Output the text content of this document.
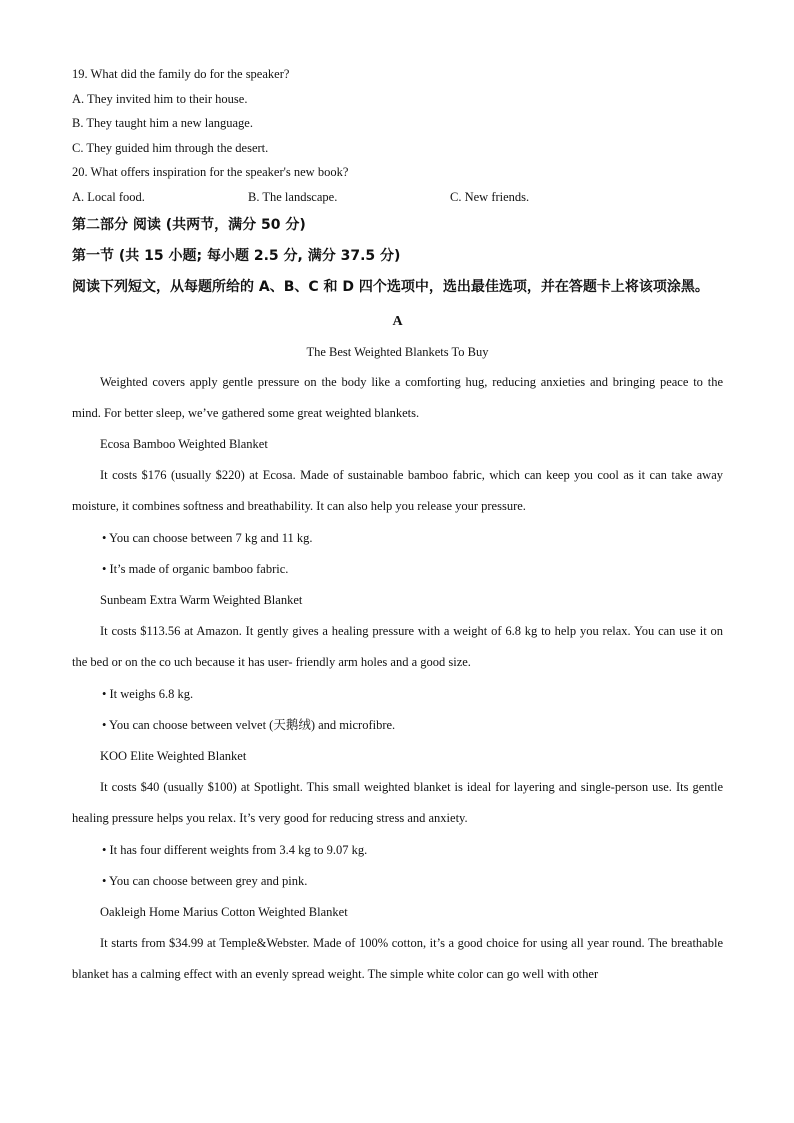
19. What did the family do for the speaker?
A. They invited him to their house.
B. They taught him a new language.
C. They guided him through the desert.
20. What offers inspiration for the speaker's new book?
A. Local food.	B. The landscape.	C. New friends.
第二部分 阅读 (共两节，满分 50 分)
第一节 (共 15 小题; 每小题 2.5 分, 满分 37.5 分)
阅读下列短文，从每题所给的 A、B、C 和 D 四个选项中，选出最佳选项，并在答题卡上将该项涂黑。
A
The Best Weighted Blankets To Buy
Weighted covers apply gentle pressure on the body like a comforting hug, reducing anxieties and bringing peace to the mind. For better sleep, we’ve gathered some great weighted blankets.
Ecosa Bamboo Weighted Blanket
It costs $176 (usually $220) at Ecosa. Made of sustainable bamboo fabric, which can keep you cool as it can take away moisture, it combines softness and breathability. It can also help you release your pressure.
• You can choose between 7 kg and 11 kg.
• It’s made of organic bamboo fabric.
Sunbeam Extra Warm Weighted Blanket
It costs $113.56 at Amazon. It gently gives a healing pressure with a weight of 6.8 kg to help you relax. You can use it on the bed or on the co uch because it has user- friendly arm holes and a good size.
• It weighs 6.8 kg.
• You can choose between velvet (天鹅绒) and microfibre.
KOO Elite Weighted Blanket
It costs $40 (usually $100) at Spotlight. This small weighted blanket is ideal for layering and single-person use. Its gentle healing pressure helps you relax. It’s very good for reducing stress and anxiety.
• It has four different weights from 3.4 kg to 9.07 kg.
• You can choose between grey and pink.
Oakleigh Home Marius Cotton Weighted Blanket
It starts from $34.99 at Temple&Webster. Made of 100% cotton, it’s a good choice for using all year round. The breathable blanket has a calming effect with an evenly spread weight. The simple white color can go well with other
